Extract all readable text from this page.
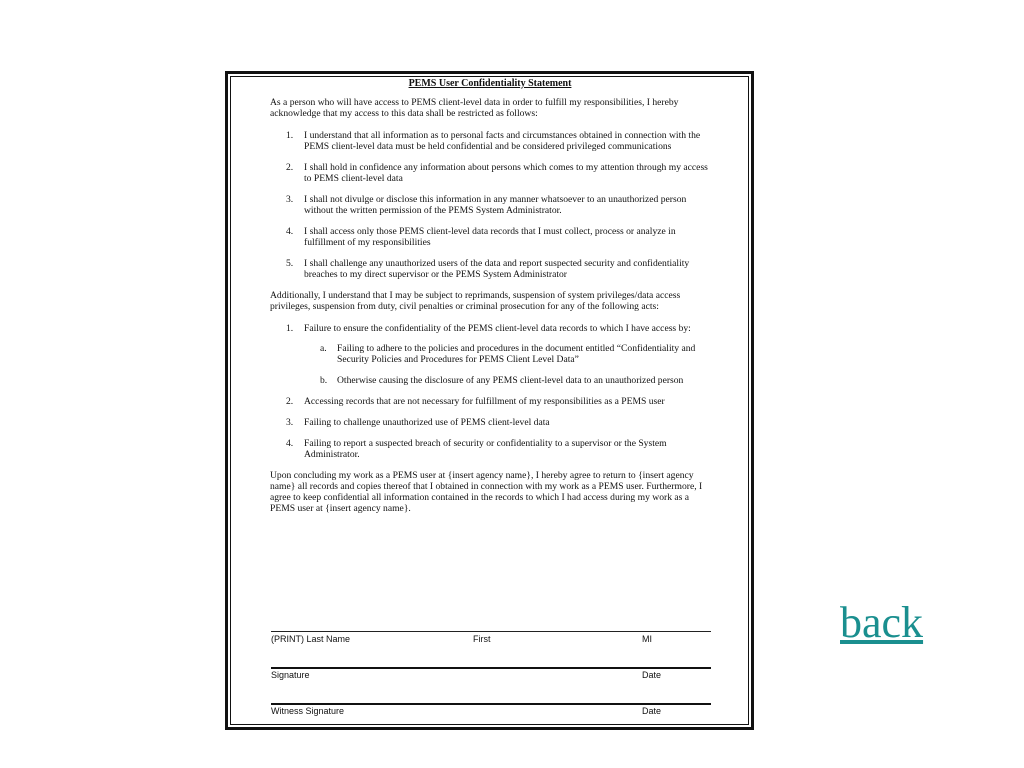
PEMS User Confidentiality Statement

As a person who will have access to PEMS client-level data in order to fulfill my responsibilities, I hereby acknowledge that my access to this data shall be restricted as follows:

1.	I understand that all information as to personal facts and circumstances obtained in connection with the PEMS client-level data must be held confidential and be considered privileged communications
2.	I shall hold in confidence any information about persons which comes to my attention through my access to PEMS client-level data
3.	I shall not divulge or disclose this information in any manner whatsoever to an unauthorized person without the written permission of the PEMS System Administrator.
4.	I shall access only those PEMS client-level data records that I must collect, process or analyze in fulfillment of my responsibilities
5.	I shall challenge any unauthorized users of the data and report suspected security and confidentiality breaches to my direct supervisor or the PEMS System Administrator

Additionally, I understand that I may be subject to reprimands, suspension of system privileges/data access privileges, suspension from duty, civil penalties or criminal prosecution for any of the following acts:

1.	Failure to ensure the confidentiality of the PEMS client-level data records to which I have access by:
a.	Failing to adhere to the policies and procedures in the document entitled “Confidentiality and Security Policies and Procedures for PEMS Client Level Data”
b.	Otherwise causing the disclosure of any PEMS client-level data to an unauthorized person
2.	Accessing records that are not necessary for fulfillment of my responsibilities as a PEMS user
3.	Failing to challenge unauthorized use of PEMS client-level data
4.	Failing to report a suspected breach of security or confidentiality to a supervisor or the System Administrator.

Upon concluding my work as a PEMS user at {insert agency name}, I hereby agree to return to {insert agency name} all records and copies thereof that I obtained in connection with my work as a PEMS user. Furthermore, I agree to keep confidential all information contained in the records to which I had access during my work as a PEMS user at {insert agency name}.

(PRINT) Last Name	First	MI
Signature	Date
Witness Signature	Date
back
